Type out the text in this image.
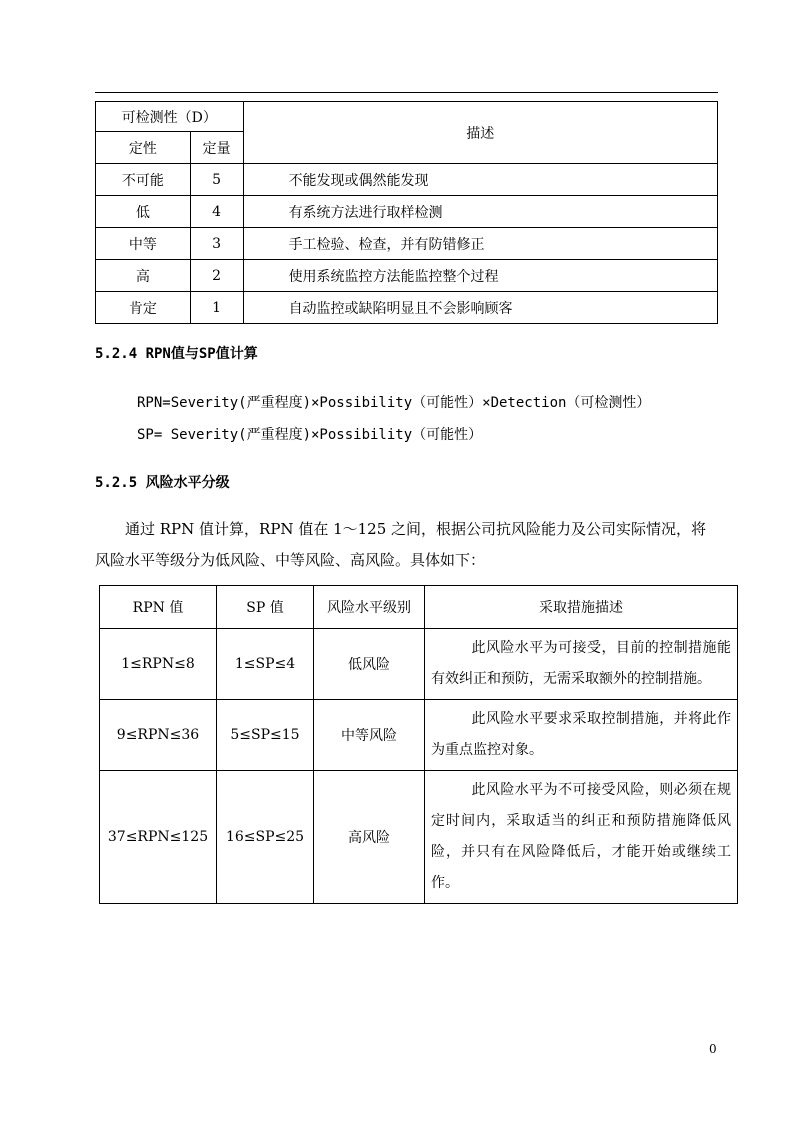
可检测性（D）		描述
定性	定量	
不可能	5	不能发现或偶然能发现
低	4	有系统方法进行取样检测
中等	3	手工检验、检查，并有防错修正
高	2	使用系统监控方法能监控整个过程
肯定	1	自动监控或缺陷明显且不会影响顾客
5.2.4 RPN值与SP值计算
RPN=Severity(严重程度)×Possibility（可能性）×Detection（可检测性）
SP= Severity(严重程度)×Possibility（可能性）
5.2.5 风险水平分级
通过 RPN 值计算，RPN 值在 1～125 之间，根据公司抗风险能力及公司实际情况，将风险水平等级分为低风险、中等风险、高风险。具体如下：
RPN 值	SP 值	风险水平级别	采取措施描述
1≤RPN≤8	1≤SP≤4	低风险	此风险水平为可接受，目前的控制措施能有效纠正和预防，无需采取额外的控制措施。
9≤RPN≤36	5≤SP≤15	中等风险	此风险水平要求采取控制措施，并将此作为重点监控对象。
37≤RPN≤125	16≤SP≤25	高风险	此风险水平为不可接受风险，则必须在规定时间内，采取适当的纠正和预防措施降低风险，并只有在风险降低后，才能开始或继续工作。
0
